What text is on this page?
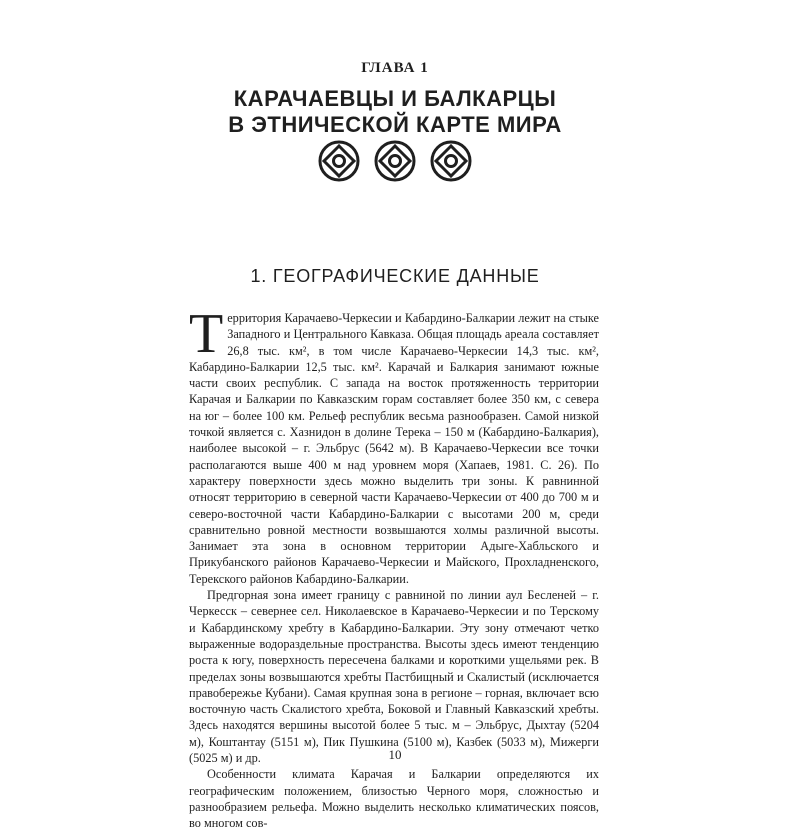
ГЛАВА 1
КАРАЧАЕВЦЫ И БАЛКАРЦЫ
В ЭТНИЧЕСКОЙ КАРТЕ МИРА
1. ГЕОГРАФИЧЕСКИЕ ДАННЫЕ

Территория Карачаево-Черкесии и Кабардино-Балкарии лежит на стыке Западного и Центрального Кавказа. Общая площадь ареала составляет 26,8 тыс. км², в том числе Карачаево-Черкесии 14,3 тыс. км², Кабардино-Балкарии 12,5 тыс. км². Карачай и Балкария занимают южные части своих республик. С запада на восток протяженность территории Карачая и Балкарии по Кавказским горам составляет более 350 км, с севера на юг – более 100 км. Рельеф республик весьма разнообразен. Самой низкой точкой является с. Хазнидон в долине Терека – 150 м (Кабардино-Балкария), наиболее высокой – г. Эльбрус (5642 м). В Карачаево-Черкесии все точки располагаются выше 400 м над уровнем моря (Хапаев, 1981. С. 26). По характеру поверхности здесь можно выделить три зоны. К равнинной относят территорию в северной части Карачаево-Черкесии от 400 до 700 м и северо-восточной части Кабардино-Балкарии с высотами 200 м, среди сравнительно ровной местности возвышаются холмы различной высоты. Занимает эта зона в основном территории Адыге-Хабльского и Прикубанского районов Карачаево-Черкесии и Майского, Прохладненского, Терекского районов Кабардино-Балкарии.

Предгорная зона имеет границу с равниной по линии аул Бесленей – г. Черкесск – севернее сел. Николаевское в Карачаево-Черкесии и по Терскому и Кабардинскому хребту в Кабардино-Балкарии. Эту зону отмечают четко выраженные водораздельные пространства. Высоты здесь имеют тенденцию роста к югу, поверхность пересечена балками и короткими ущельями рек. В пределах зоны возвышаются хребты Пастбищный и Скалистый (исключается правобережье Кубани). Самая крупная зона в регионе – горная, включает всю восточную часть Скалистого хребта, Боковой и Главный Кавказский хребты. Здесь находятся вершины высотой более 5 тыс. м – Эльбрус, Дыхтау (5204 м), Коштантау (5151 м), Пик Пушкина (5100 м), Казбек (5033 м), Мижерги (5025 м) и др.

Особенности климата Карачая и Балкарии определяются их географическим положением, близостью Черного моря, сложностью и разнообразием рельефа. Можно выделить несколько климатических поясов, во многом сов-

10
